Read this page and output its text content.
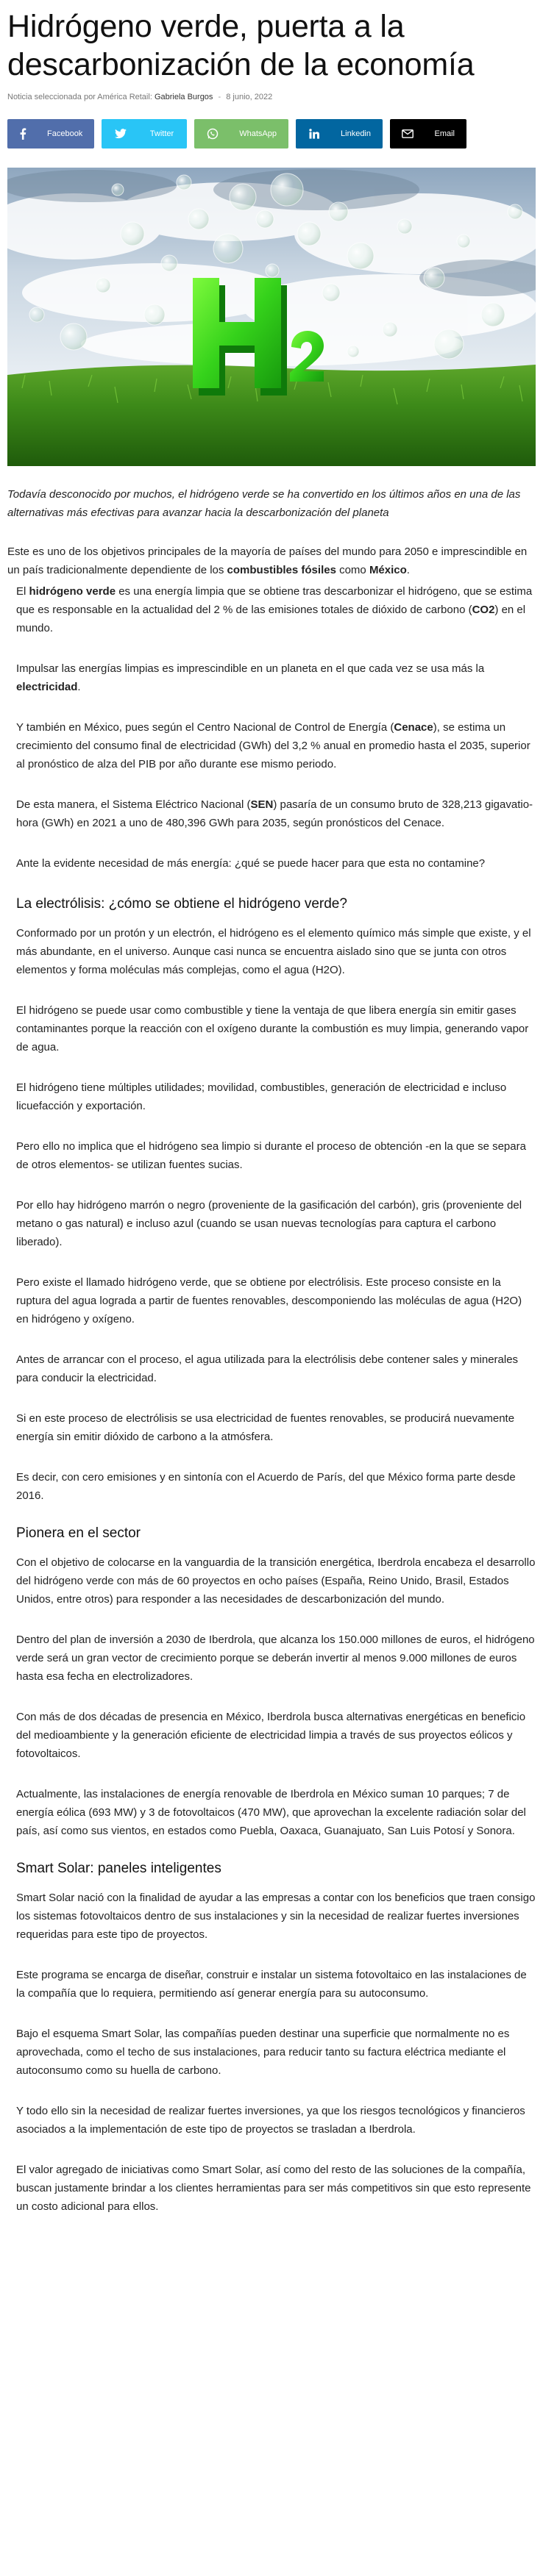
Hidrógeno verde, puerta a la
descarbonización de la economía
Noticia seleccionada por América Retail: Gabriela Burgos - 8 junio, 2022
Facebook	Twitter	WhatsApp	Linkedin	Email

Todavía desconocido por muchos, el hidrógeno verde se ha convertido en los últimos años en una de las alternativas más efectivas para avanzar hacia la descarbonización del planeta

Este es uno de los objetivos principales de la mayoría de países del mundo para 2050 e imprescindible en un país tradicionalmente dependiente de los combustibles fósiles como México.

El hidrógeno verde es una energía limpia que se obtiene tras descarbonizar el hidrógeno, que se estima que es responsable en la actualidad del 2 % de las emisiones totales de dióxido de carbono (CO2) en el mundo.

Impulsar las energías limpias es imprescindible en un planeta en el que cada vez se usa más la electricidad.

Y también en México, pues según el Centro Nacional de Control de Energía (Cenace), se estima un crecimiento del consumo final de electricidad (GWh) del 3,2 % anual en promedio hasta el 2035, superior al pronóstico de alza del PIB por año durante ese mismo periodo.

De esta manera, el Sistema Eléctrico Nacional (SEN) pasaría de un consumo bruto de 328,213 gigavatio-hora (GWh) en 2021 a uno de 480,396 GWh para 2035, según pronósticos del Cenace.

Ante la evidente necesidad de más energía: ¿qué se puede hacer para que esta no contamine?

La electrólisis: ¿cómo se obtiene el hidrógeno verde?

Conformado por un protón y un electrón, el hidrógeno es el elemento químico más simple que existe, y el más abundante, en el universo. Aunque casi nunca se encuentra aislado sino que se junta con otros elementos y forma moléculas más complejas, como el agua (H2O).

El hidrógeno se puede usar como combustible y tiene la ventaja de que libera energía sin emitir gases contaminantes porque la reacción con el oxígeno durante la combustión es muy limpia, generando vapor de agua.

El hidrógeno tiene múltiples utilidades; movilidad, combustibles, generación de electricidad e incluso licuefacción y exportación.

Pero ello no implica que el hidrógeno sea limpio si durante el proceso de obtención -en la que se separa de otros elementos- se utilizan fuentes sucias.

Por ello hay hidrógeno marrón o negro (proveniente de la gasificación del carbón), gris (proveniente del metano o gas natural) e incluso azul (cuando se usan nuevas tecnologías para captura el carbono liberado).

Pero existe el llamado hidrógeno verde, que se obtiene por electrólisis. Este proceso consiste en la ruptura del agua lograda a partir de fuentes renovables, descomponiendo las moléculas de agua (H2O) en hidrógeno y oxígeno.

Antes de arrancar con el proceso, el agua utilizada para la electrólisis debe contener sales y minerales para conducir la electricidad.

Si en este proceso de electrólisis se usa electricidad de fuentes renovables, se producirá nuevamente energía sin emitir dióxido de carbono a la atmósfera.

Es decir, con cero emisiones y en sintonía con el Acuerdo de París, del que México forma parte desde 2016.

Pionera en el sector

Con el objetivo de colocarse en la vanguardia de la transición energética, Iberdrola encabeza el desarrollo del hidrógeno verde con más de 60 proyectos en ocho países (España, Reino Unido, Brasil, Estados Unidos, entre otros) para responder a las necesidades de descarbonización del mundo.

Dentro del plan de inversión a 2030 de Iberdrola, que alcanza los 150.000 millones de euros, el hidrógeno verde será un gran vector de crecimiento porque se deberán invertir al menos 9.000 millones de euros hasta esa fecha en electrolizadores.

Con más de dos décadas de presencia en México, Iberdrola busca alternativas energéticas en beneficio del medioambiente y la generación eficiente de electricidad limpia a través de sus proyectos eólicos y fotovoltaicos.

Actualmente, las instalaciones de energía renovable de Iberdrola en México suman 10 parques; 7 de energía eólica (693 MW) y 3 de fotovoltaicos (470 MW), que aprovechan la excelente radiación solar del país, así como sus vientos, en estados como Puebla, Oaxaca, Guanajuato, San Luis Potosí y Sonora.

Smart Solar: paneles inteligentes

Smart Solar nació con la finalidad de ayudar a las empresas a contar con los beneficios que traen consigo los sistemas fotovoltaicos dentro de sus instalaciones y sin la necesidad de realizar fuertes inversiones requeridas para este tipo de proyectos.

Este programa se encarga de diseñar, construir e instalar un sistema fotovoltaico en las instalaciones de la compañía que lo requiera, permitiendo así generar energía para su autoconsumo.

Bajo el esquema Smart Solar, las compañías pueden destinar una superficie que normalmente no es aprovechada, como el techo de sus instalaciones, para reducir tanto su factura eléctrica mediante el autoconsumo como su huella de carbono.

Y todo ello sin la necesidad de realizar fuertes inversiones, ya que los riesgos tecnológicos y financieros asociados a la implementación de este tipo de proyectos se trasladan a Iberdrola.

El valor agregado de iniciativas como Smart Solar, así como del resto de las soluciones de la compañía, buscan justamente brindar a los clientes herramientas para ser más competitivos sin que esto represente un costo adicional para ellos.
